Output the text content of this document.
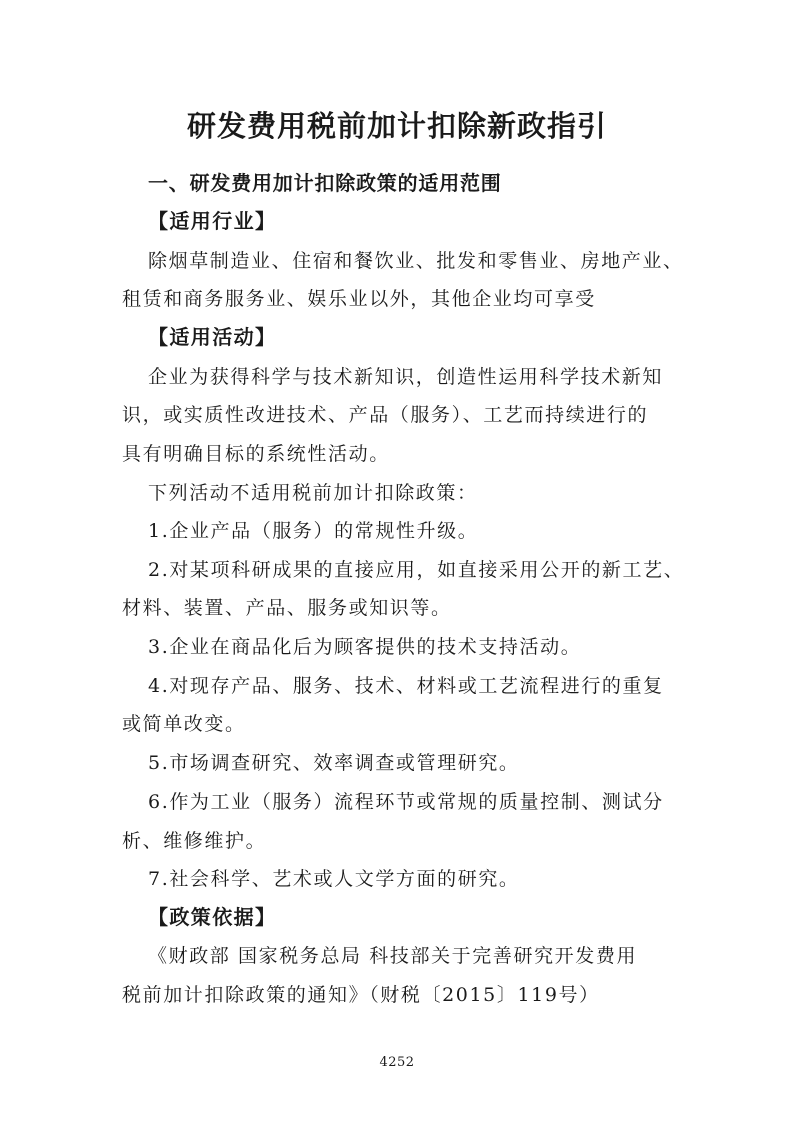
研发费用税前加计扣除新政指引
一、研发费用加计扣除政策的适用范围
【适用行业】
除烟草制造业、住宿和餐饮业、批发和零售业、房地产业、
租赁和商务服务业、娱乐业以外，其他企业均可享受
【适用活动】
企业为获得科学与技术新知识，创造性运用科学技术新知
识，或实质性改进技术、产品（服务）、工艺而持续进行的
具有明确目标的系统性活动。
下列活动不适用税前加计扣除政策：
1.企业产品（服务）的常规性升级。
2.对某项科研成果的直接应用，如直接采用公开的新工艺、
材料、装置、产品、服务或知识等。
3.企业在商品化后为顾客提供的技术支持活动。
4.对现存产品、服务、技术、材料或工艺流程进行的重复
或简单改变。
5.市场调查研究、效率调查或管理研究。
6.作为工业（服务）流程环节或常规的质量控制、测试分
析、维修维护。
7.社会科学、艺术或人文学方面的研究。
【政策依据】
《财政部 国家税务总局 科技部关于完善研究开发费用
税前加计扣除政策的通知》（财税〔2015〕119号）
4252
